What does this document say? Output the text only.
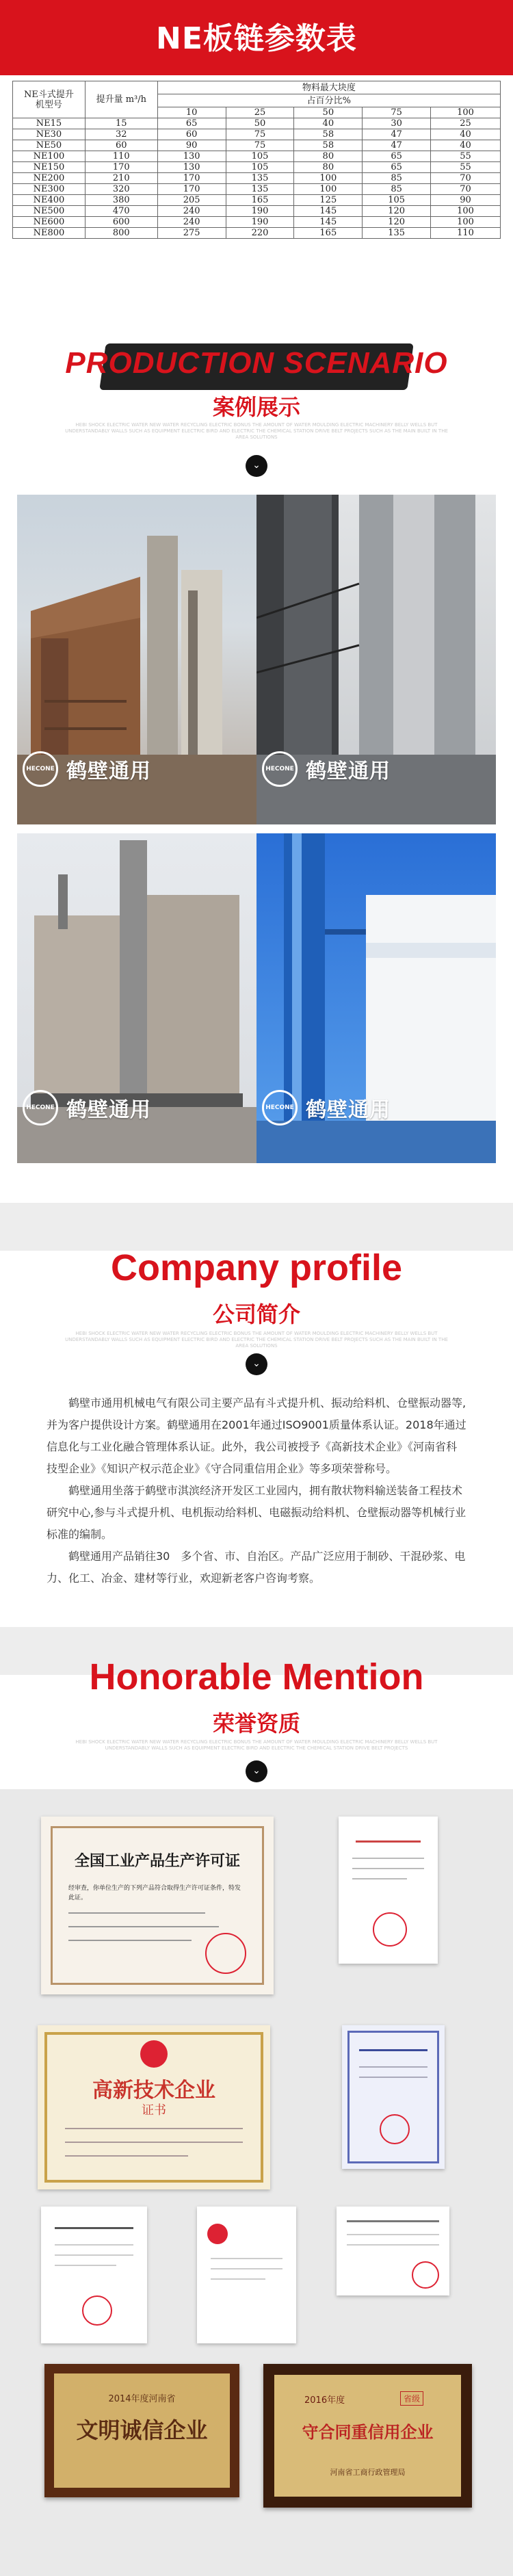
NE板链参数表
NE斗式提升
机型号	提升量 m³/h	物料最大块度				
		占百分比%				
		10	25	50	75	100
NE15	15	65	50	40	30	25
NE30	32	60	75	58	47	40
NE50	60	90	75	58	47	40
NE100	110	130	105	80	65	55
NE150	170	130	105	80	65	55
NE200	210	170	135	100	85	70
NE300	320	170	135	100	85	70
NE400	380	205	165	125	105	90
NE500	470	240	190	145	120	100
NE600	600	240	190	145	120	100
NE800	800	275	220	165	135	110
PRODUCTION SCENARIO
案例展示
HEBI SHOCK ELECTRIC WATER NEW WATER RECYCLING ELECTRIC BONUS THE AMOUNT OF WATER MOULDING ELECTRIC MACHINERY BELLY WELLS BUT UNDERSTANDABLY WALLS SUCH AS EQUIPMENT ELECTRIC BIRD AND ELECTRIC THE CHEMICAL STATION DRIVE BELT PROJECTS SUCH AS THE MAIN BUILT IN THE AREA SOLUTIONS
⌄
HECONE 鹤壁通用	HECONE 鹤壁通用
HECONE 鹤壁通用	HECONE 鹤壁通用
Company profile
公司简介
HEBI SHOCK ELECTRIC WATER NEW WATER RECYCLING ELECTRIC BONUS THE AMOUNT OF WATER MOULDING ELECTRIC MACHINERY BELLY WELLS BUT UNDERSTANDABLY WALLS SUCH AS EQUIPMENT ELECTRIC BIRD AND ELECTRIC THE CHEMICAL STATION DRIVE BELT PROJECTS SUCH AS THE MAIN BUILT IN THE AREA SOLUTIONS
⌄

鹤壁市通用机械电气有限公司主要产品有斗式提升机、振动给料机、仓壁振动器等,并为客户提供设计方案。鹤壁通用在2001年通过ISO9001质量体系认证。2018年通过信息化与工业化融合管理体系认证。此外，我公司被授予《高新技术企业》《河南省科技型企业》《知识产权示范企业》《守合同重信用企业》等多项荣誉称号。

鹤壁通用坐落于鹤壁市淇滨经济开发区工业园内，拥有散状物料输送装备工程技术研究中心,参与斗式提升机、电机振动给料机、电磁振动给料机、仓壁振动器等机械行业标准的编制。

鹤壁通用产品销往30　多个省、市、自治区。产品广泛应用于制砂、干混砂浆、电力、化工、冶金、建材等行业，欢迎新老客户咨询考察。

Honorable Mention
荣誉资质
HEBI SHOCK ELECTRIC WATER NEW WATER RECYCLING ELECTRIC BONUS THE AMOUNT OF WATER MOULDING ELECTRIC MACHINERY BELLY WELLS BUT UNDERSTANDABLY WALLS SUCH AS EQUIPMENT ELECTRIC BIRD AND ELECTRIC THE CHEMICAL STATION DRIVE BELT PROJECTS
⌄
全国工业产品生产许可证
经审查，你单位生产的下列产品符合取得生产许可证条件，特发此证。
高新技术企业
证书
2014年度河南省
文明诚信企业
2016年度	省级
守合同重信用企业
河南省工商行政管理局
